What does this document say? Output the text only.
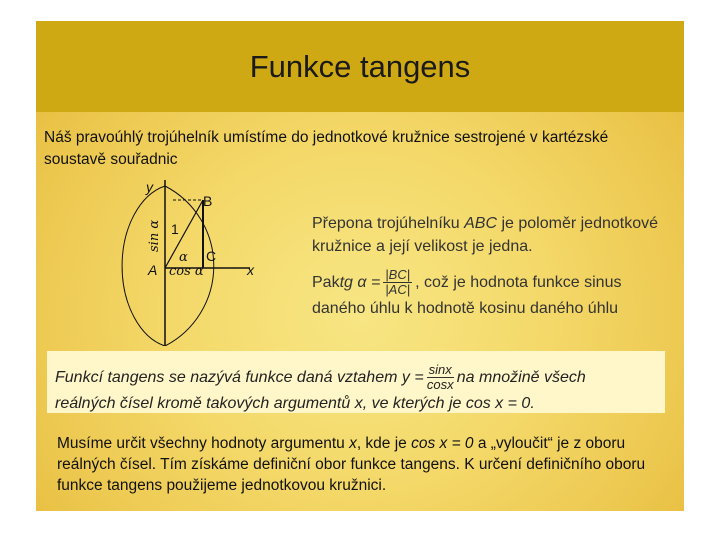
Funkce tangens
Náš pravoúhlý trojúhelník umístíme do jednotkové kružnice sestrojené v kartézské soustavě souřadnic
y
B
1
α C
A cos α	x
sin α	Přepona trojúhelníku ABC je poloměr jednotkové kružnice a její velikost je jedna.
Pak tg $\alpha = \frac{|BC|}{|AC|}$ , což je hodnota funkce sinus
daného úhlu k hodnotě kosinu daného úhlu
Funkcí tangens se nazývá funkce daná vztahem $y = \frac{\sin x}{\cos x}$ na množině všech
reálných čísel kromě takových argumentů x, ve kterých je cos x = 0.
Musíme určit všechny hodnoty argumentu x, kde je cos x = 0 a „vyloučit“ je z oboru reálných čísel. Tím získáme definiční obor funkce tangens. K určení definičního oboru funkce tangens použijeme jednotkovou kružnici.
